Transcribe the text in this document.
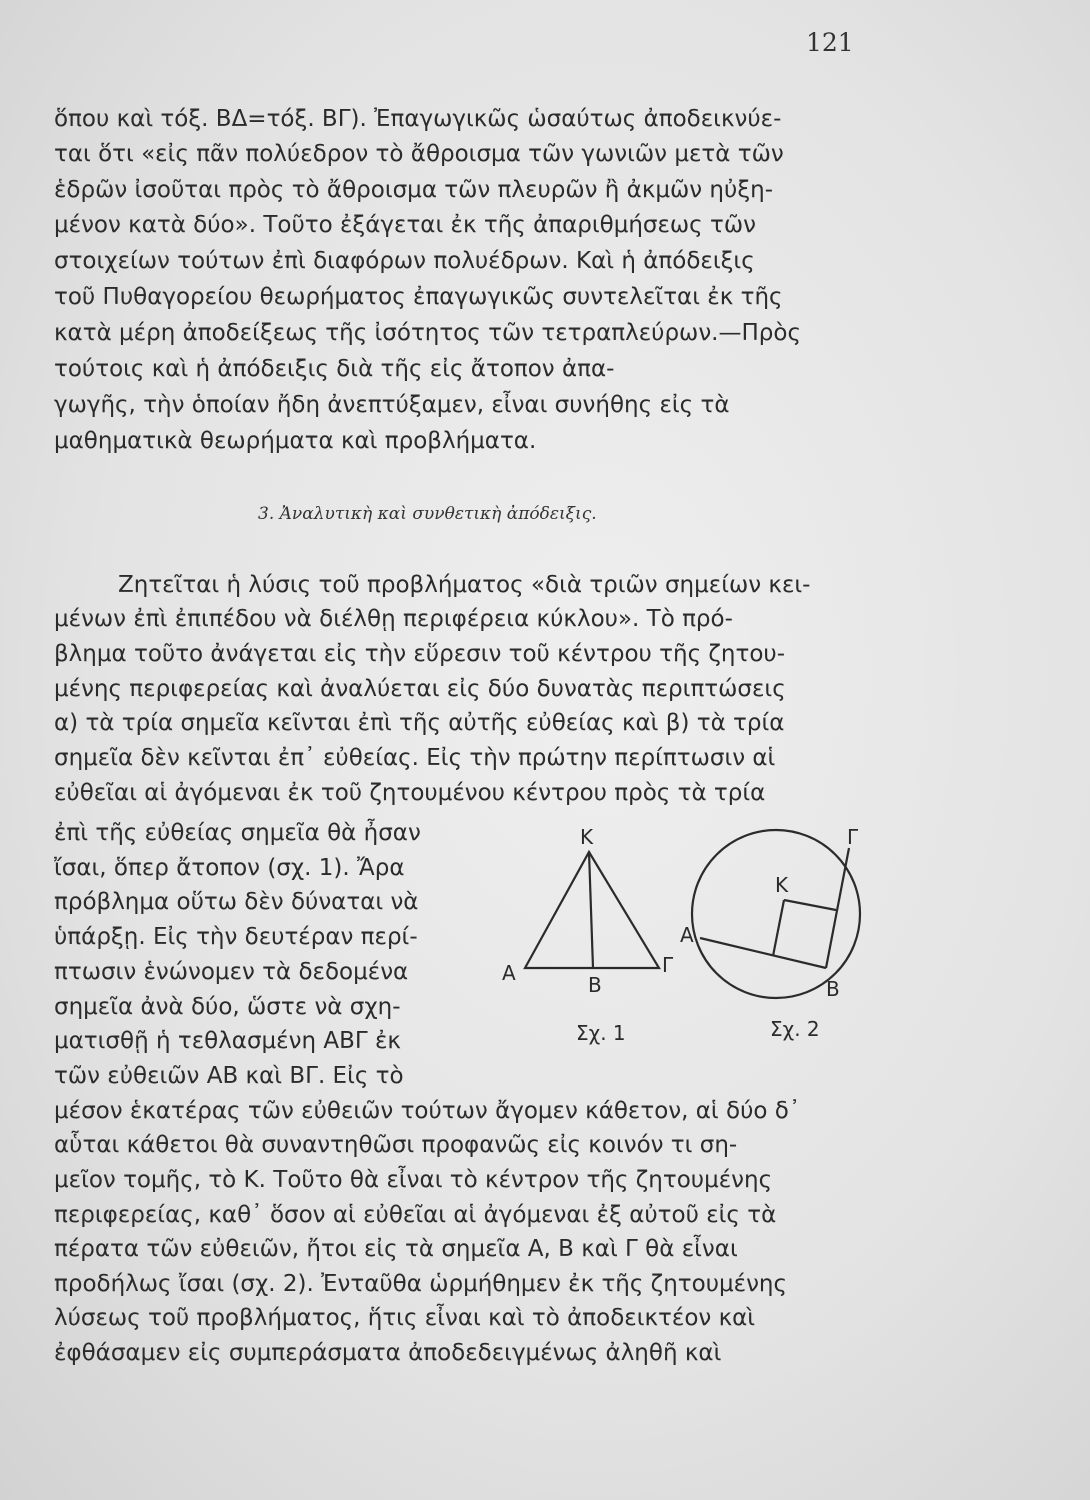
121
ὅπου καὶ τόξ. ΒΔ=τόξ. ΒΓ). Ἐπαγωγικῶς ὡσαύτως ἀποδεικνύε-
ται ὅτι «εἰς πᾶν πολύεδρον τὸ ἄθροισμα τῶν γωνιῶν μετὰ τῶν
ἑδρῶν ἰσοῦται πρὸς τὸ ἄθροισμα τῶν πλευρῶν ἢ ἀκμῶν ηὐξη-
μένον κατὰ δύο». Τοῦτο ἐξάγεται ἐκ τῆς ἀπαριθμήσεως τῶν
στοιχείων τούτων ἐπὶ διαφόρων πολυέδρων. Καὶ ἡ ἀπόδειξις
τοῦ Πυθαγορείου θεωρήματος ἐπαγωγικῶς συντελεῖται ἐκ τῆς
κατὰ μέρη ἀποδείξεως τῆς ἰσότητος τῶν τετραπλεύρων.—Πρὸς
τούτοις καὶ ἡ ἀπόδειξις διὰ τῆς εἰς ἄτοπον ἀπα-
γωγῆς, τὴν ὁποίαν ἤδη ἀνεπτύξαμεν, εἶναι συνήθης εἰς τὰ
μαθηματικὰ θεωρήματα καὶ προβλήματα.
3. Ἀναλυτικὴ καὶ συνθετικὴ ἀπόδειξις.
Ζητεῖται ἡ λύσις τοῦ προβλήματος «διὰ τριῶν σημείων κει-
μένων ἐπὶ ἐπιπέδου νὰ διέλθῃ περιφέρεια κύκλου». Τὸ πρό-
βλημα τοῦτο ἀνάγεται εἰς τὴν εὕρεσιν τοῦ κέντρου τῆς ζητου-
μένης περιφερείας καὶ ἀναλύεται εἰς δύο δυνατὰς περιπτώσεις
α) τὰ τρία σημεῖα κεῖνται ἐπὶ τῆς αὐτῆς εὐθείας καὶ β) τὰ τρία
σημεῖα δὲν κεῖνται ἐπ᾽ εὐθείας. Εἰς τὴν πρώτην περίπτωσιν αἱ
εὐθεῖαι αἱ ἀγόμεναι ἐκ τοῦ ζητουμένου κέντρου πρὸς τὰ τρία
ἐπὶ τῆς εὐθείας σημεῖα θὰ ἦσαν
ἴσαι, ὅπερ ἄτοπον (σχ. 1). Ἄρα
πρόβλημα οὕτω δὲν δύναται νὰ
ὑπάρξῃ. Εἰς τὴν δευτέραν περί-
πτωσιν ἑνώνομεν τὰ δεδομένα
σημεῖα ἀνὰ δύο, ὥστε νὰ σχη-
ματισθῇ ἡ τεθλασμένη ΑΒΓ ἐκ
τῶν εὐθειῶν ΑΒ καὶ ΒΓ. Εἰς τὸ
μέσον ἑκατέρας τῶν εὐθειῶν τούτων ἄγομεν κάθετον, αἱ δύο δ᾽
αὗται κάθετοι θὰ συναντηθῶσι προφανῶς εἰς κοινόν τι ση-
μεῖον τομῆς, τὸ Κ. Τοῦτο θὰ εἶναι τὸ κέντρον τῆς ζητουμένης
περιφερείας, καθ᾽ ὅσον αἱ εὐθεῖαι αἱ ἀγόμεναι ἐξ αὐτοῦ εἰς τὰ
πέρατα τῶν εὐθειῶν, ἤτοι εἰς τὰ σημεῖα Α, Β καὶ Γ θὰ εἶναι
προδήλως ἴσαι (σχ. 2). Ἐνταῦθα ὡρμήθημεν ἐκ τῆς ζητουμένης
λύσεως τοῦ προβλήματος, ἥτις εἶναι καὶ τὸ ἀποδεικτέον καὶ
ἐφθάσαμεν εἰς συμπεράσματα ἀποδεδειγμένως ἀληθῆ καὶ
Κ
Α	Β
Γ
Σχ. 1
Κ
Α
Β
Γ
Σχ. 2
